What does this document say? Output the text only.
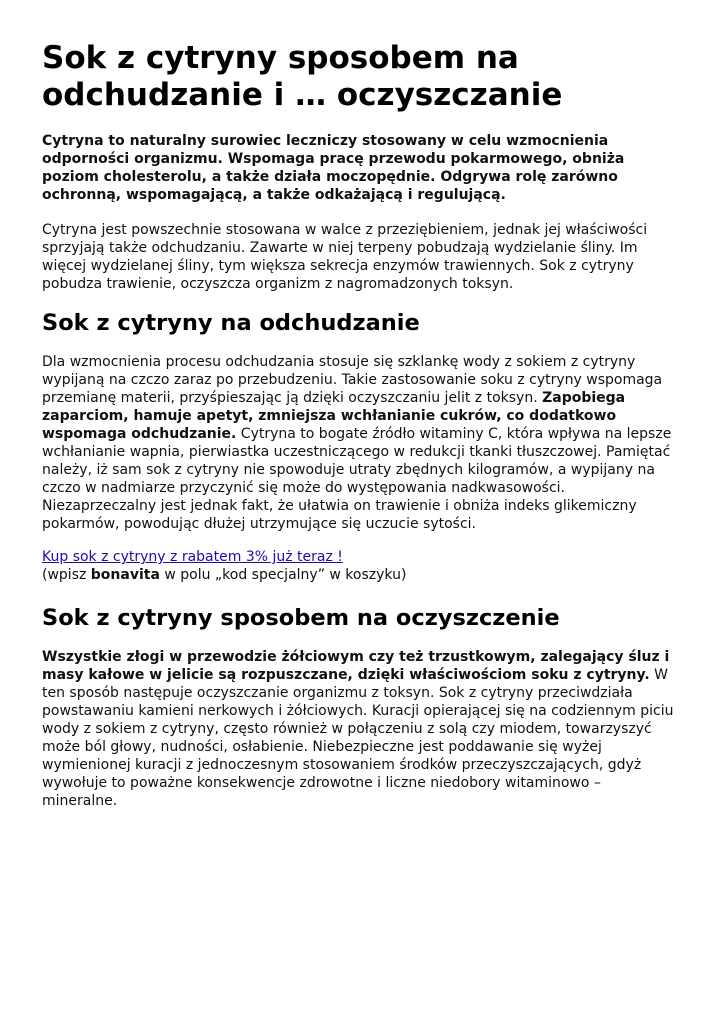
Sok z cytryny sposobem na odchudzanie i … oczyszczanie

Cytryna to naturalny surowiec leczniczy stosowany w celu wzmocnienia odporności organizmu. Wspomaga pracę przewodu pokarmowego, obniża poziom cholesterolu, a także działa moczopędnie. Odgrywa rolę zarówno ochronną, wspomagającą, a także odkażającą i regulującą.

Cytryna jest powszechnie stosowana w walce z przeziębieniem, jednak jej właściwości sprzyjają także odchudzaniu. Zawarte w niej terpeny pobudzają wydzielanie śliny. Im więcej wydzielanej śliny, tym większa sekrecja enzymów trawiennych. Sok z cytryny pobudza trawienie, oczyszcza organizm z nagromadzonych toksyn.

Sok z cytryny na odchudzanie

Dla wzmocnienia procesu odchudzania stosuje się szklankę wody z sokiem z cytryny wypijaną na czczo zaraz po przebudzeniu. Takie zastosowanie soku z cytryny wspomaga przemianę materii, przyśpieszając ją dzięki oczyszczaniu jelit z toksyn. Zapobiega zaparciom, hamuje apetyt, zmniejsza wchłanianie cukrów, co dodatkowo wspomaga odchudzanie. Cytryna to bogate źródło witaminy C, która wpływa na lepsze wchłanianie wapnia, pierwiastka uczestniczącego w redukcji tkanki tłuszczowej. Pamiętać należy, iż sam sok z cytryny nie spowoduje utraty zbędnych kilogramów, a wypijany na czczo w nadmiarze przyczynić się może do występowania nadkwasowości. Niezaprzeczalny jest jednak fakt, że ułatwia on trawienie i obniża indeks glikemiczny pokarmów, powodując dłużej utrzymujące się uczucie sytości.

Kup sok z cytryny z rabatem 3% już teraz !
(wpisz bonavita w polu „kod specjalny” w koszyku)

Sok z cytryny sposobem na oczyszczenie

Wszystkie złogi w przewodzie żółciowym czy też trzustkowym, zalegający śluz i masy kałowe w jelicie są rozpuszczane, dzięki właściwościom soku z cytryny. W ten sposób następuje oczyszczanie organizmu z toksyn. Sok z cytryny przeciwdziała powstawaniu kamieni nerkowych i żółciowych. Kuracji opierającej się na codziennym piciu wody z sokiem z cytryny, często również w połączeniu z solą czy miodem, towarzyszyć może ból głowy, nudności, osłabienie. Niebezpieczne jest poddawanie się wyżej wymienionej kuracji z jednoczesnym stosowaniem środków przeczyszczających, gdyż wywołuje to poważne konsekwencje zdrowotne i liczne niedobory witaminowo – mineralne.
